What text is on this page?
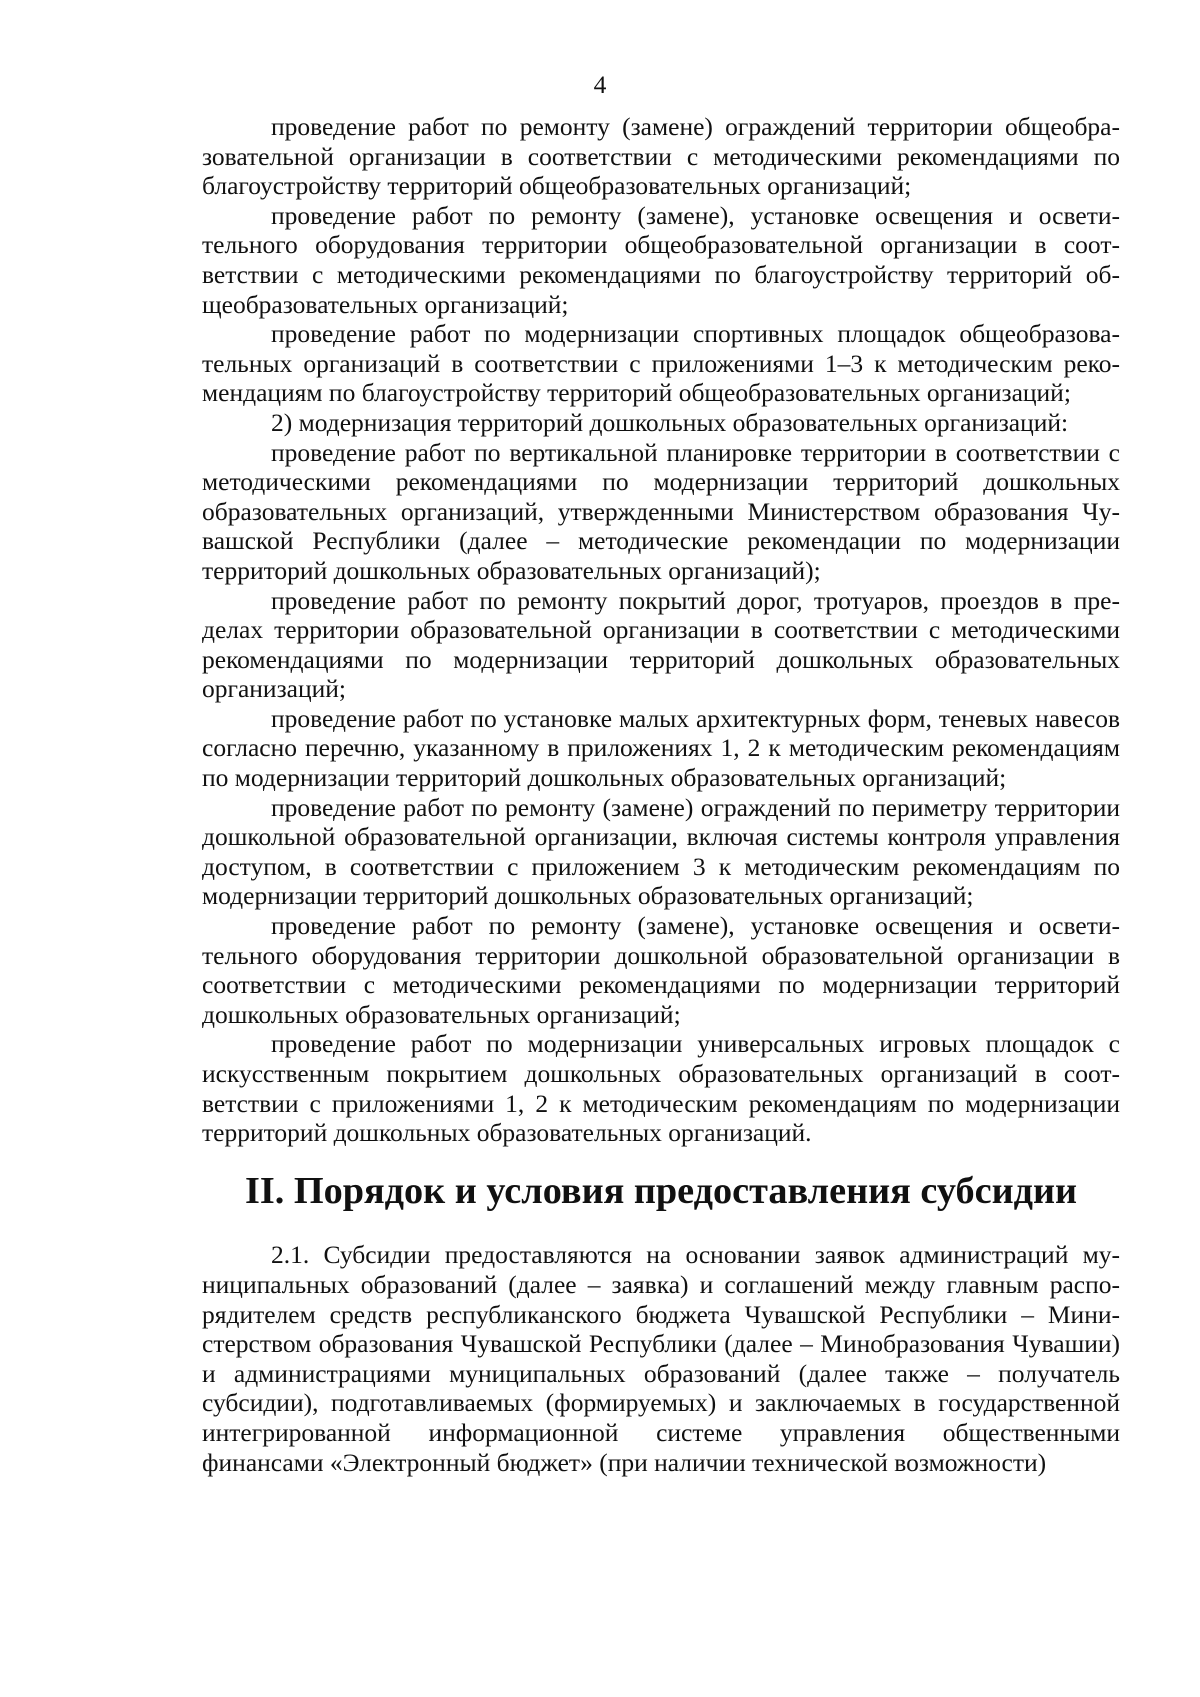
4

проведение работ по ремонту (замене) ограждений территории общеобразовательной организации в соответствии с методическими рекомендациями по благоустройству территорий общеобразовательных организаций;

проведение работ по ремонту (замене), установке освещения и осветительного оборудования территории общеобразовательной организации в соответствии с методическими рекомендациями по благоустройству территорий общеобразовательных организаций;

проведение работ по модернизации спортивных площадок общеобразовательных организаций в соответствии с приложениями 1–3 к методическим рекомендациям по благоустройству территорий общеобразовательных организаций;

2) модернизация территорий дошкольных образовательных организаций:

проведение работ по вертикальной планировке территории в соответствии с методическими рекомендациями по модернизации территорий дошкольных образовательных организаций, утвержденными Министерством образования Чувашской Республики (далее – методические рекомендации по модернизации территорий дошкольных образовательных организаций);

проведение работ по ремонту покрытий дорог, тротуаров, проездов в пределах территории образовательной организации в соответствии с методическими рекомендациями по модернизации территорий дошкольных образовательных организаций;

проведение работ по установке малых архитектурных форм, теневых навесов согласно перечню, указанному в приложениях 1, 2 к методическим рекомендациям по модернизации территорий дошкольных образовательных организаций;

проведение работ по ремонту (замене) ограждений по периметру территории дошкольной образовательной организации, включая системы контроля управления доступом, в соответствии с приложением 3 к методическим рекомендациям по модернизации территорий дошкольных образовательных организаций;

проведение работ по ремонту (замене), установке освещения и осветительного оборудования территории дошкольной образовательной организации в соответствии с методическими рекомендациями по модернизации территорий дошкольных образовательных организаций;

проведение работ по модернизации универсальных игровых площадок с искусственным покрытием дошкольных образовательных организаций в соответствии с приложениями 1, 2 к методическим рекомендациям по модернизации территорий дошкольных образовательных организаций.

II. Порядок и условия предоставления субсидии

2.1. Субсидии предоставляются на основании заявок администраций муниципальных образований (далее – заявка) и соглашений между главным распорядителем средств республиканского бюджета Чувашской Республики – Министерством образования Чувашской Республики (далее – Минобразования Чувашии) и администрациями муниципальных образований (далее также – получатель субсидии), подготавливаемых (формируемых) и заключаемых в государственной интегрированной информационной системе управления общественными финансами «Электронный бюджет» (при наличии технической возможности)
